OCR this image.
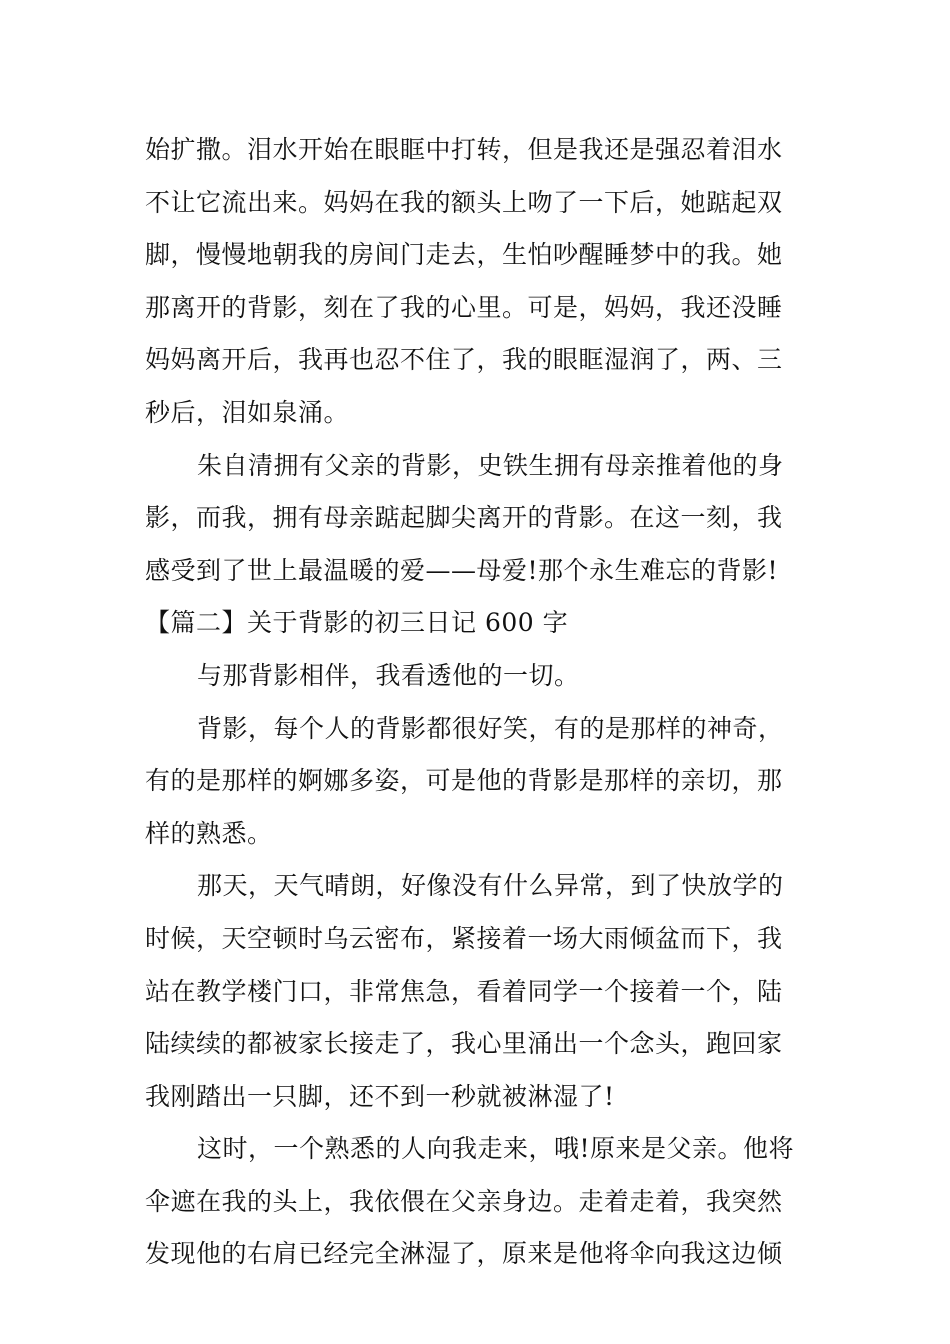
始扩撒。泪水开始在眼眶中打转，但是我还是强忍着泪水
不让它流出来。妈妈在我的额头上吻了一下后，她踮起双
脚，慢慢地朝我的房间门走去，生怕吵醒睡梦中的我。她
那离开的背影，刻在了我的心里。可是，妈妈，我还没睡
妈妈离开后，我再也忍不住了，我的眼眶湿润了，两、三
秒后，泪如泉涌。
朱自清拥有父亲的背影，史铁生拥有母亲推着他的身
影，而我，拥有母亲踮起脚尖离开的背影。在这一刻，我
感受到了世上最温暖的爱——母爱!那个永生难忘的背影!
【篇二】关于背影的初三日记 600 字
与那背影相伴，我看透他的一切。
背影，每个人的背影都很好笑，有的是那样的神奇，
有的是那样的婀娜多姿，可是他的背影是那样的亲切，那
样的熟悉。
那天，天气晴朗，好像没有什么异常，到了快放学的
时候，天空顿时乌云密布，紧接着一场大雨倾盆而下，我
站在教学楼门口，非常焦急，看着同学一个接着一个，陆
陆续续的都被家长接走了，我心里涌出一个念头，跑回家
我刚踏出一只脚，还不到一秒就被淋湿了!
这时，一个熟悉的人向我走来，哦!原来是父亲。他将
伞遮在我的头上，我依偎在父亲身边。走着走着，我突然
发现他的右肩已经完全淋湿了，原来是他将伞向我这边倾
